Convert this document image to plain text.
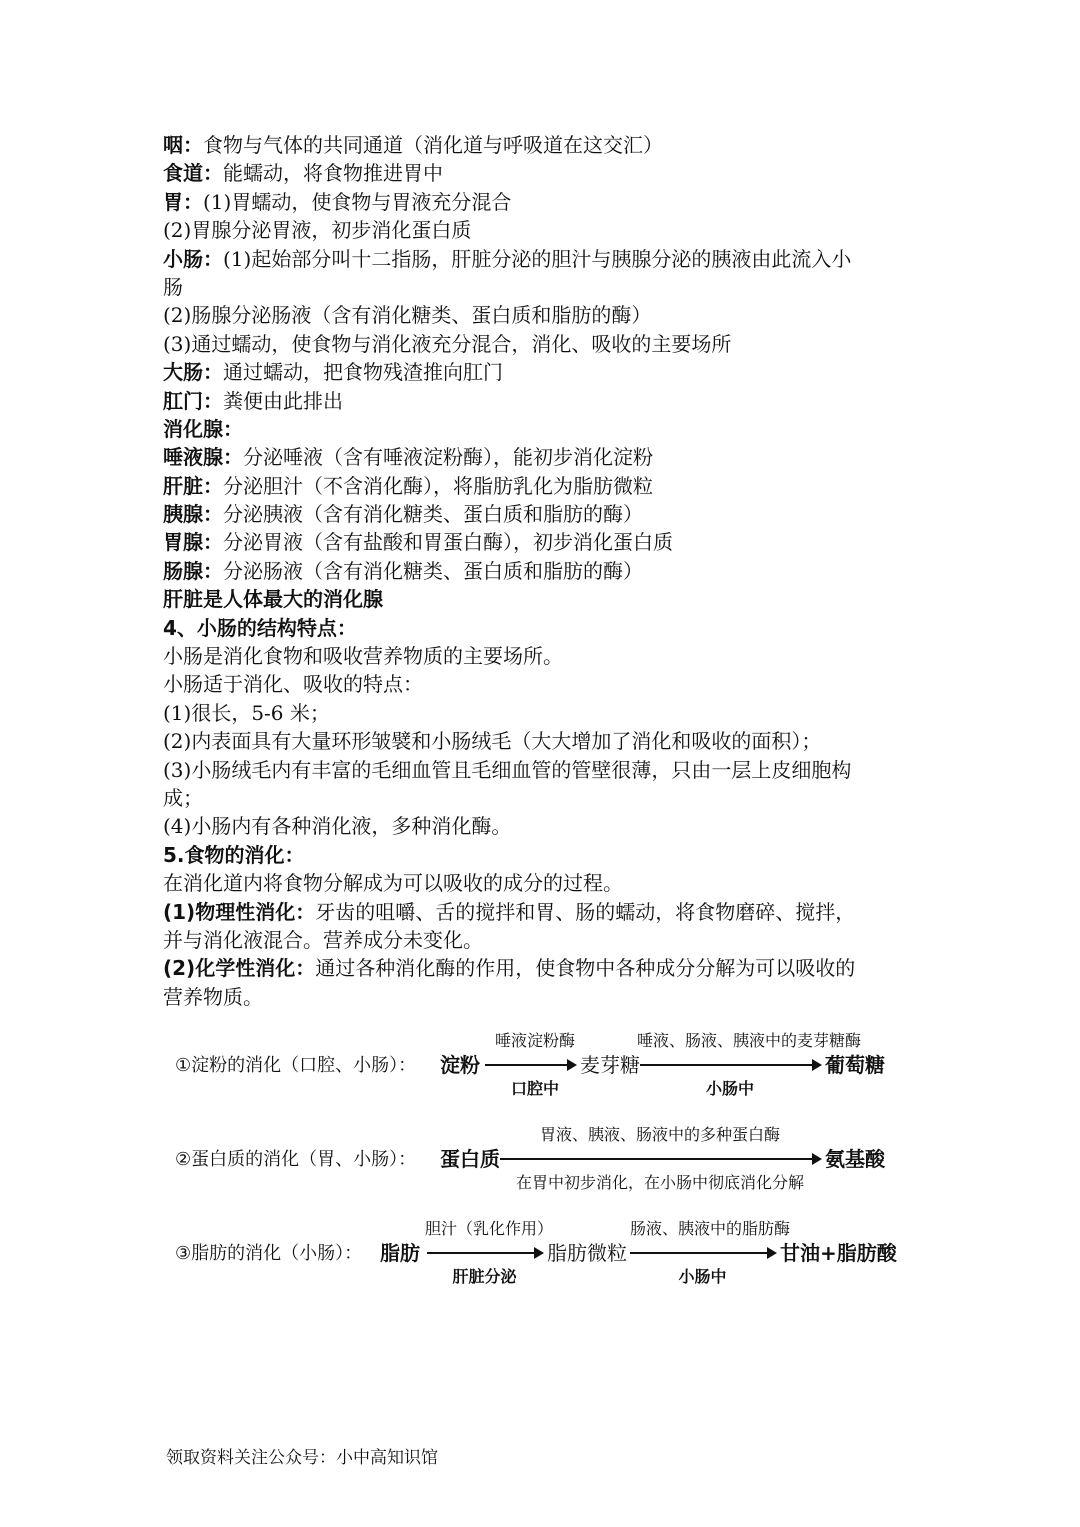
咽：食物与气体的共同通道（消化道与呼吸道在这交汇）

食道：能蠕动，将食物推进胃中

胃：(1)胃蠕动，使食物与胃液充分混合

(2)胃腺分泌胃液，初步消化蛋白质

小肠：(1)起始部分叫十二指肠，肝脏分泌的胆汁与胰腺分泌的胰液由此流入小

肠

(2)肠腺分泌肠液（含有消化糖类、蛋白质和脂肪的酶）

(3)通过蠕动，使食物与消化液充分混合，消化、吸收的主要场所

大肠：通过蠕动，把食物残渣推向肛门

肛门：粪便由此排出

消化腺：

唾液腺：分泌唾液（含有唾液淀粉酶），能初步消化淀粉

肝脏：分泌胆汁（不含消化酶），将脂肪乳化为脂肪微粒

胰腺：分泌胰液（含有消化糖类、蛋白质和脂肪的酶）

胃腺：分泌胃液（含有盐酸和胃蛋白酶），初步消化蛋白质

肠腺：分泌肠液（含有消化糖类、蛋白质和脂肪的酶）

肝脏是人体最大的消化腺

4、小肠的结构特点：

小肠是消化食物和吸收营养物质的主要场所。

小肠适于消化、吸收的特点：

(1)很长，5-6 米；

(2)内表面具有大量环形皱襞和小肠绒毛（大大增加了消化和吸收的面积）；

(3)小肠绒毛内有丰富的毛细血管且毛细血管的管壁很薄，只由一层上皮细胞构

成；

(4)小肠内有各种消化液，多种消化酶。

5.食物的消化：

在消化道内将食物分解成为可以吸收的成分的过程。

(1)物理性消化：牙齿的咀嚼、舌的搅拌和胃、肠的蠕动，将食物磨碎、搅拌，

并与消化液混合。营养成分未变化。

(2)化学性消化：通过各种消化酶的作用，使食物中各种成分分解为可以吸收的

营养物质。

①淀粉的消化（口腔、小肠）： 淀粉
唾液淀粉酶
口腔中
麦芽糖
唾液、肠液、胰液中的麦芽糖酶
小肠中
葡萄糖
②蛋白质的消化（胃、小肠）： 蛋白质
胃液、胰液、肠液中的多种蛋白酶
在胃中初步消化，在小肠中彻底消化分解
氨基酸
③脂肪的消化（小肠）： 脂肪
胆汁（乳化作用）
肝脏分泌
脂肪微粒
肠液、胰液中的脂肪酶
小肠中
甘油+脂肪酸
领取资料关注公众号：小中高知识馆
